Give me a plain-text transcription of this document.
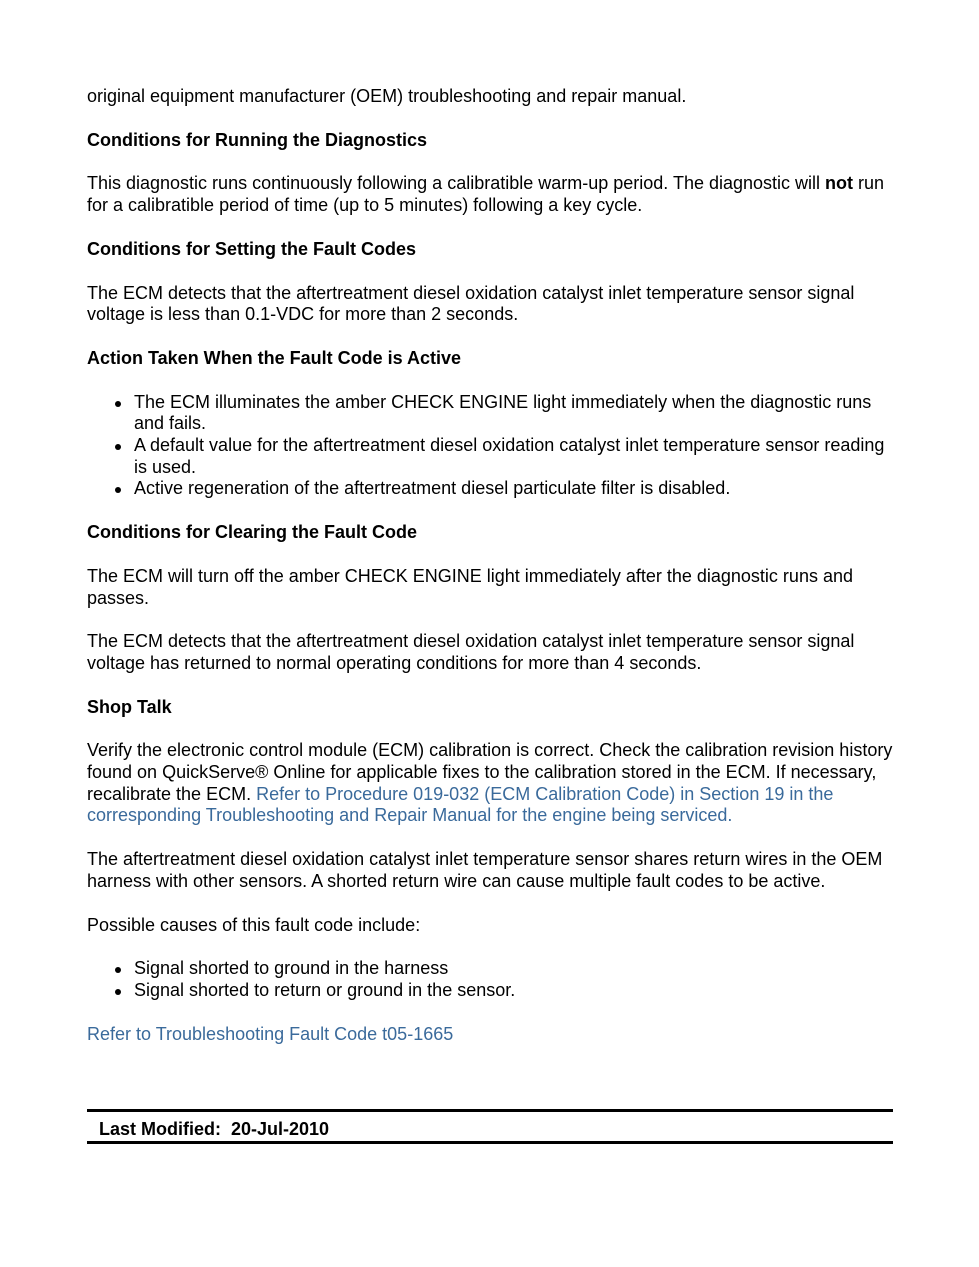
original equipment manufacturer (OEM) troubleshooting and repair manual.

Conditions for Running the Diagnostics

This diagnostic runs continuously following a calibratible warm-up period. The diagnostic will not run for a calibratible period of time (up to 5 minutes) following a key cycle.

Conditions for Setting the Fault Codes

The ECM detects that the aftertreatment diesel oxidation catalyst inlet temperature sensor signal voltage is less than 0.1-VDC for more than 2 seconds.

Action Taken When the Fault Code is Active
The ECM illuminates the amber CHECK ENGINE light immediately when the diagnostic runs and fails.
A default value for the aftertreatment diesel oxidation catalyst inlet temperature sensor reading is used.
Active regeneration of the aftertreatment diesel particulate filter is disabled.
Conditions for Clearing the Fault Code

The ECM will turn off the amber CHECK ENGINE light immediately after the diagnostic runs and passes.

The ECM detects that the aftertreatment diesel oxidation catalyst inlet temperature sensor signal voltage has returned to normal operating conditions for more than 4 seconds.

Shop Talk

Verify the electronic control module (ECM) calibration is correct. Check the calibration revision history found on QuickServe® Online for applicable fixes to the calibration stored in the ECM. If necessary, recalibrate the ECM. Refer to Procedure 019-032 (ECM Calibration Code) in Section 19 in the corresponding Troubleshooting and Repair Manual for the engine being serviced.

The aftertreatment diesel oxidation catalyst inlet temperature sensor shares return wires in the OEM harness with other sensors. A shorted return wire can cause multiple fault codes to be active.

Possible causes of this fault code include:

Signal shorted to ground in the harness
Signal shorted to return or ground in the sensor.

Refer to Troubleshooting Fault Code t05-1665

Last Modified:  20-Jul-2010
